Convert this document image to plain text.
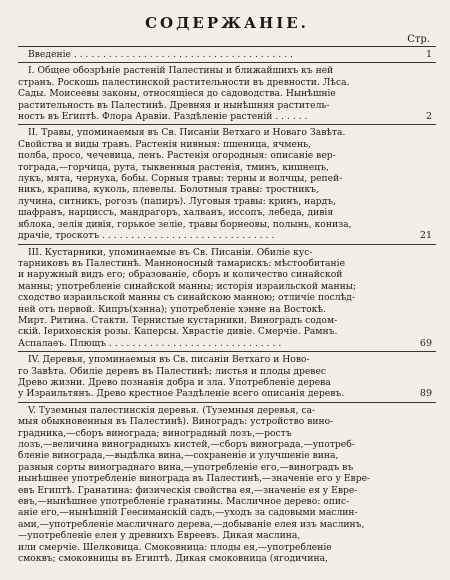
СОДЕРЖАНІЕ.
Стр.

Введеніе . . . . . . . . . . . . . . . . . . . . . . . . . . . . . . . . . . . . . .	1

I. Общее обозрѣніе растеній Палестины и ближайшихъ къ ней
странъ. Роскошь палестинской растительности въ древности. Лѣса.
Сады. Моисеевы законы, относящіеся до садоводства. Нынѣшніе
растительность въ Палестинѣ. Древняя и нынѣшняя раститель-
ность въ Египтѣ. Флора Аравіи. Раздѣленіе растеній . . . . . .	2

II. Травы, упоминаемыя въ Св. Писаніи Ветхаго и Новаго Завѣта.
Свойства и виды травъ. Растенія нивныя: пшеница, ячмень,
полба, просо, чечевица, ленъ. Растенія огородныя: описаніе вер-
тограда,—горчица, рута, тыквенныя растенія, тминъ, кишнецъ,
лукъ, мята, чернуха, бобы. Сорныя травы: терны и волчцы, репей-
никъ, крапива, куколь, плевелы. Болотныя травы: тростникъ,
лучина, ситникъ, рогозъ (папиръ). Луговыя травы: кринъ, нардъ,
шафранъ, нарциссъ, мандрагоръ, халванъ, иссопъ, лебеда, дивія
яблока, зелія дивія, горькое зеліе, травы борнеовы, полынь, кониза,
драчіе, троскотъ . . . . . . . . . . . . . . . . . . . . . . . . . . . . . .	21

III. Кустарники, упоминаемые въ Св. Писаніи. Обиліе кус-
тарниковъ въ Палестинѣ. Манноносный тамарискъ: мѣстообитаніе
и наружный видъ его; образованіе, сборъ и количество синайской
манны; употребленіе синайской манны; исторія израильской манны;
сходство израильской манны съ синайскою манною; отличіе послѣд-
ней отъ первой. Кипръ(хэнна); употребленіе хэнне на Востокѣ.
Мирт. Ритина. Стакти. Тернистые кустарники. Виноградъ содом-
скій. Іерихонскія розы. Каперсы. Хврастіе дивіе. Смерчіе. Рамнъ.
Аспалаѳъ. Плющъ . . . . . . . . . . . . . . . . . . . . . . . . . . . . . .	69

IV. Деревья, упоминаемыя въ Св. писаніи Ветхаго и Ново-
го Завѣта. Обиліе деревъ въ Палестинѣ; листья и плоды древес
Древо жизни. Древо познанія добра и зла. Употребленіе дерева
у Израильтянъ. Древо крестное Раздѣленіе всего описанія деревъ.	89

V. Туземныя палестинскія деревья. (Туземныя деревья, са-
мыя обыкновенныя въ Палестинѣ). Виноградъ: устройство вино-
градника,—сборъ винограда; виноградный лозъ,—ростъ
лозъ,—величина виноградныхъ кистей,—сборъ винограда,—употреб-
бленіе винограда,—выдѣлка вина,—сохраненіе и улучшеніе вина,
разныя сорты винограднаго вина,—употребленіе его,—виноградъ въ
нынѣшнее употребленіе винограда въ Палестинѣ,—значеніе его у Евре-
евъ Египтѣ. Гранатина: физическія свойства ея,—значеніе ея у Евре-
евъ,—нынѣшнее употребленіе гранатины. Масличное дерево: опис-
аніе его,—нынѣшній Геѳсиманскій садъ,—уходъ за садовыми маслин-
ами,—употребленіе масличнаго дерева,—добываніе елея изъ маслинъ,
—употребленіе елея у древнихъ Евреевъ. Дикая маслина,
или смерчіе. Шелковица. Смоковница: плоды ея,—употребленіе
смоквъ; смоковницы въ Египтѣ. Дикая смоковница (ягодичина,
